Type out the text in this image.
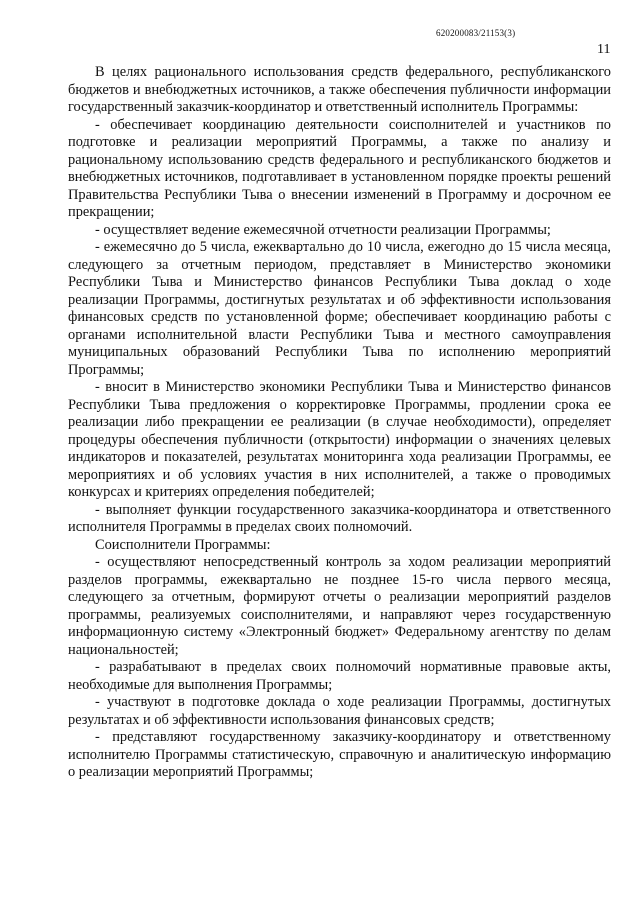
620200083/21153(3)
11

В целях рационального использования средств федерального, республиканского бюджетов и внебюджетных источников, а также обеспечения публичности информации государственный заказчик-координатор и ответственный исполнитель Программы:

- обеспечивает координацию деятельности соисполнителей и участников по подготовке и реализации мероприятий Программы, а также по анализу и рациональному использованию средств федерального и республиканского бюджетов и внебюджетных источников, подготавливает в установленном порядке проекты решений Правительства Республики Тыва о внесении изменений в Программу и досрочном ее прекращении;

- осуществляет ведение ежемесячной отчетности реализации Программы;

- ежемесячно до 5 числа, ежеквартально до 10 числа, ежегодно до 15 числа месяца, следующего за отчетным периодом, представляет в Министерство экономики Республики Тыва и Министерство финансов Республики Тыва доклад о ходе реализации Программы, достигнутых результатах и об эффективности использования финансовых средств по установленной форме; обеспечивает координацию работы с органами исполнительной власти Республики Тыва и местного самоуправления муниципальных образований Республики Тыва по исполнению мероприятий Программы;

- вносит в Министерство экономики Республики Тыва и Министерство финансов Республики Тыва предложения о корректировке Программы, продлении срока ее реализации либо прекращении ее реализации (в случае необходимости), определяет процедуры обеспечения публичности (открытости) информации о значениях целевых индикаторов и показателей, результатах мониторинга хода реализации Программы, ее мероприятиях и об условиях участия в них исполнителей, а также о проводимых конкурсах и критериях определения победителей;

- выполняет функции государственного заказчика-координатора и ответственного исполнителя Программы в пределах своих полномочий.

Соисполнители Программы:

- осуществляют непосредственный контроль за ходом реализации мероприятий разделов программы, ежеквартально не позднее 15-го числа первого месяца, следующего за отчетным, формируют отчеты о реализации мероприятий разделов программы, реализуемых соисполнителями, и направляют через государственную информационную систему «Электронный бюджет» Федеральному агентству по делам национальностей;

- разрабатывают в пределах своих полномочий нормативные правовые акты, необходимые для выполнения Программы;

- участвуют в подготовке доклада о ходе реализации Программы, достигнутых результатах и об эффективности использования финансовых средств;

- представляют государственному заказчику-координатору и ответственному исполнителю Программы статистическую, справочную и аналитическую информацию о реализации мероприятий Программы;
